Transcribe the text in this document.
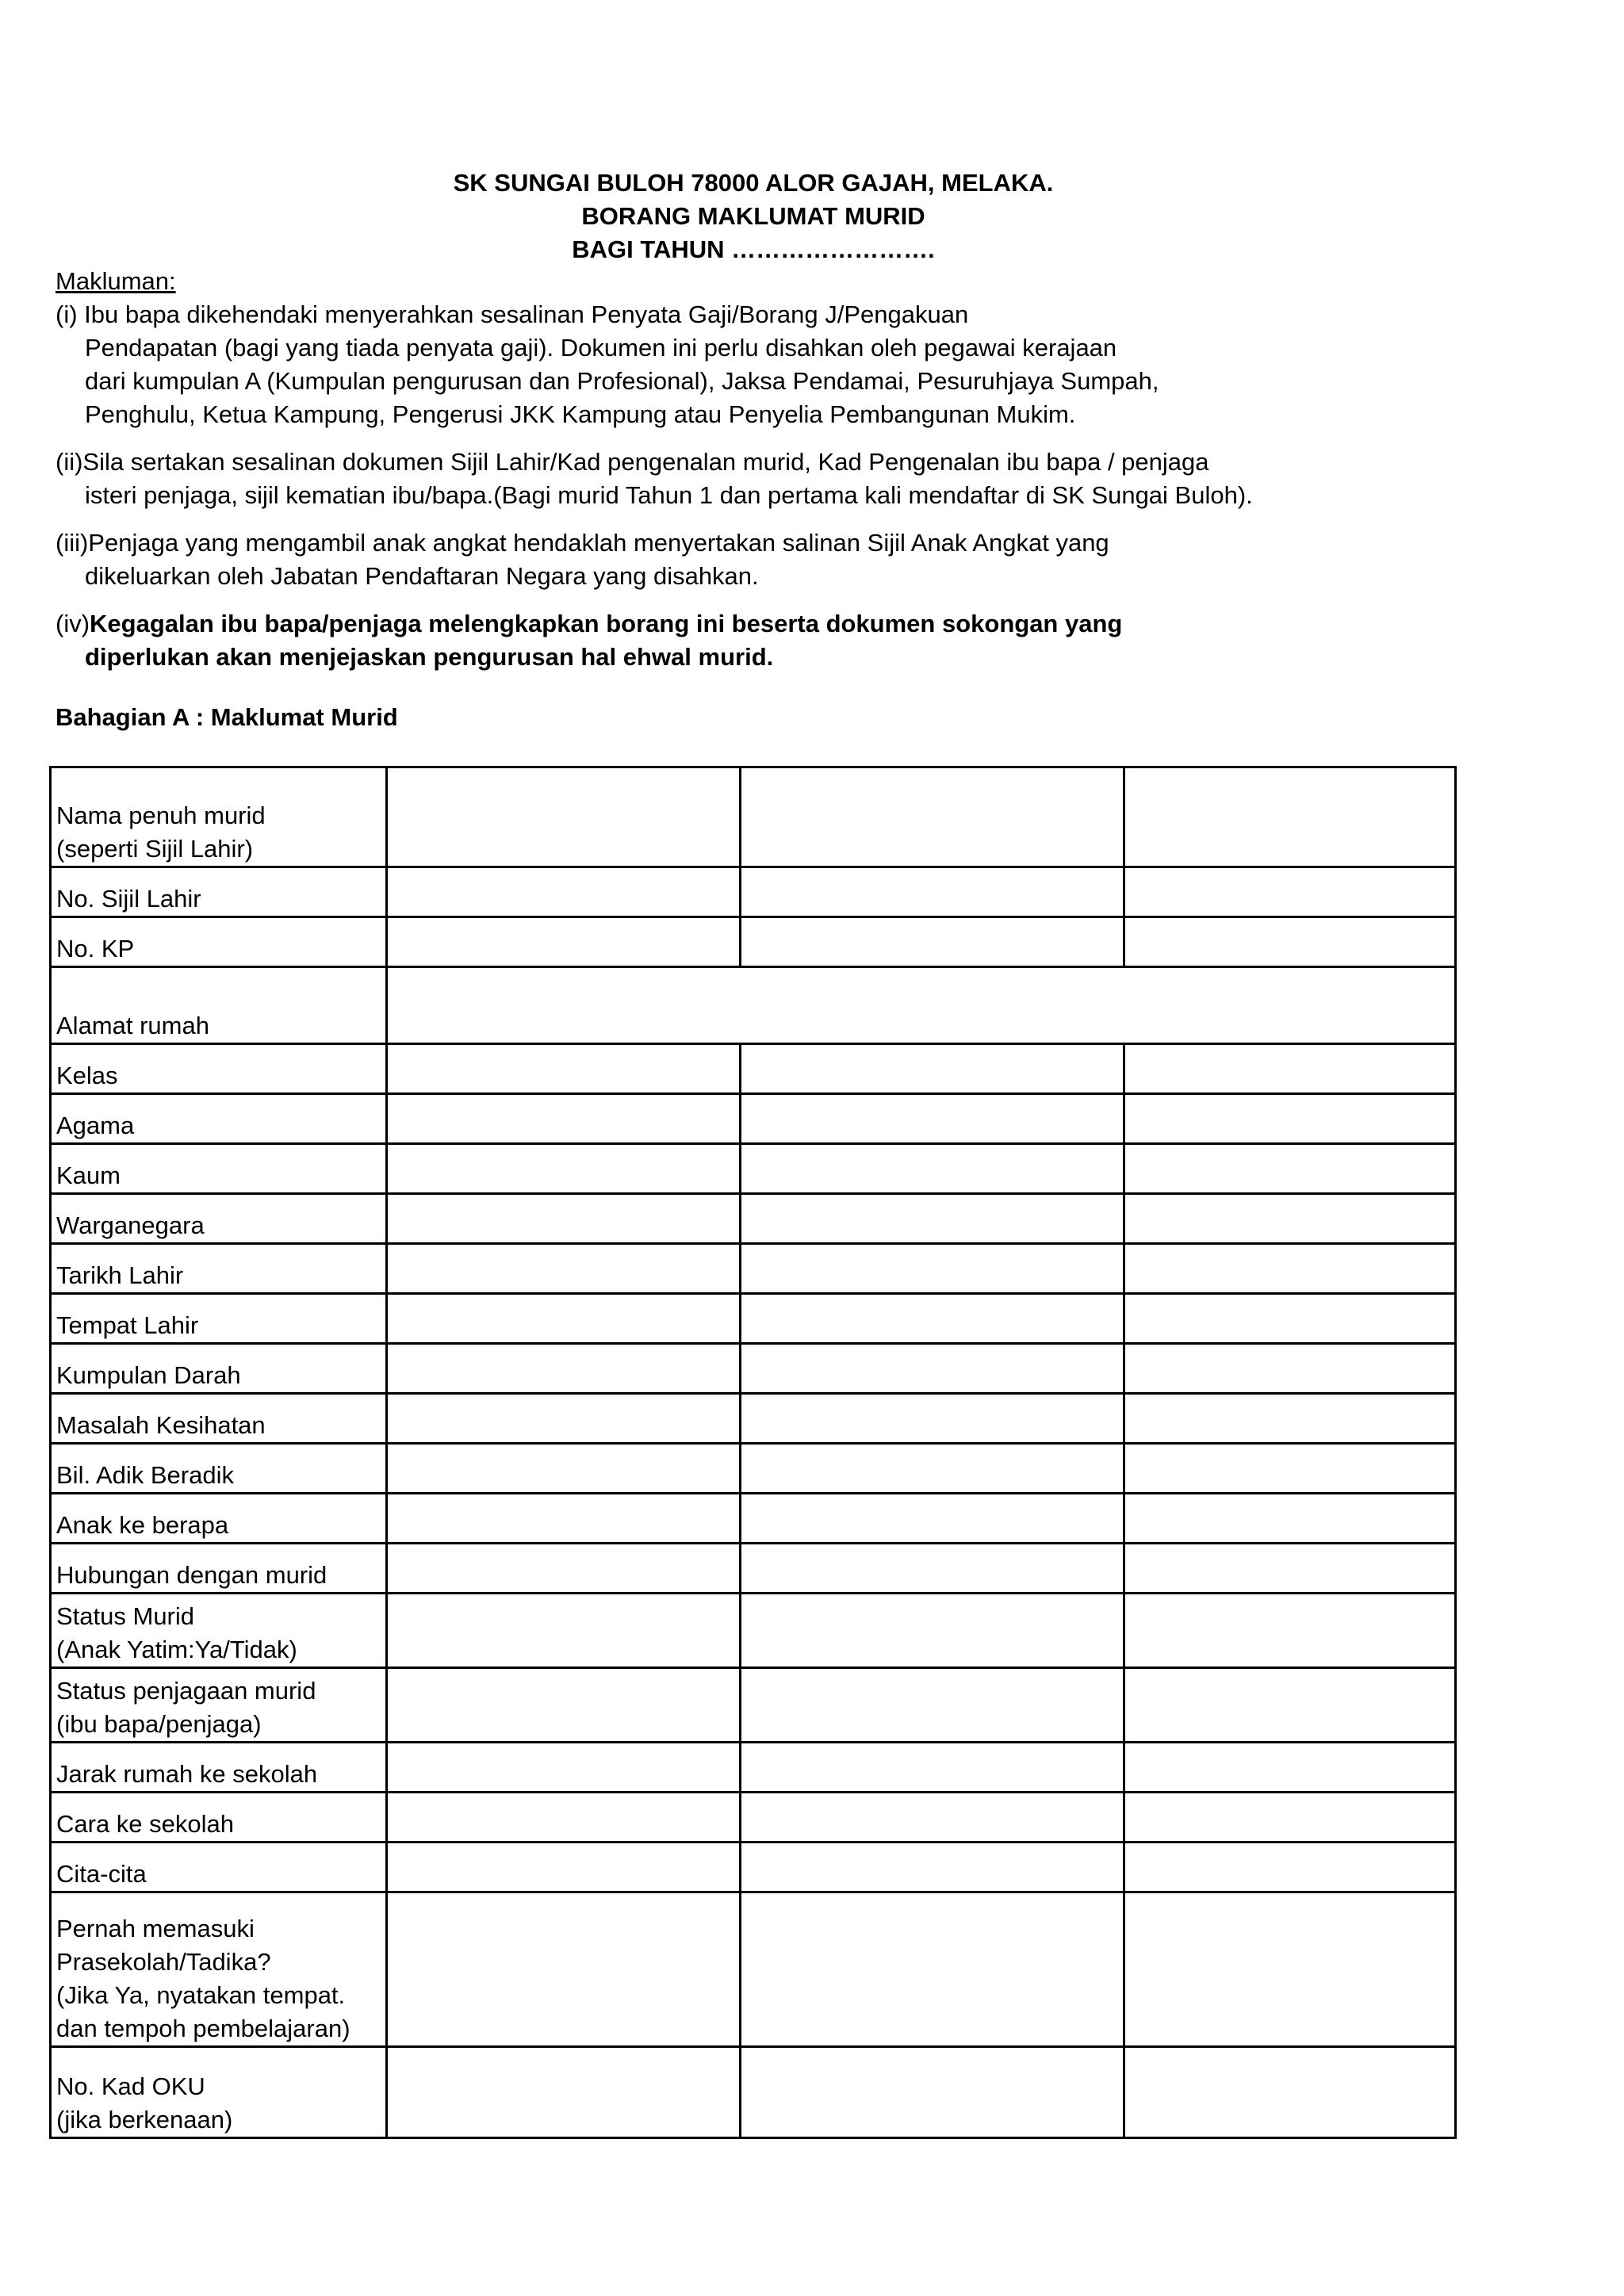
SK SUNGAI BULOH 78000 ALOR GAJAH, MELAKA.
BORANG MAKLUMAT MURID
BAGI TAHUN …………………….
Makluman:
(i) Ibu bapa dikehendaki menyerahkan sesalinan Penyata Gaji/Borang J/Pengakuan
Pendapatan (bagi yang tiada penyata gaji). Dokumen ini perlu disahkan oleh pegawai kerajaan
dari kumpulan A (Kumpulan pengurusan dan Profesional), Jaksa Pendamai, Pesuruhjaya Sumpah,
Penghulu, Ketua Kampung, Pengerusi JKK Kampung atau Penyelia Pembangunan Mukim.
(ii)Sila sertakan sesalinan dokumen Sijil Lahir/Kad pengenalan murid, Kad Pengenalan ibu bapa / penjaga
isteri penjaga, sijil kematian ibu/bapa.(Bagi murid Tahun 1 dan pertama kali mendaftar di SK Sungai Buloh).
(iii)Penjaga yang mengambil anak angkat hendaklah menyertakan salinan Sijil Anak Angkat yang
dikeluarkan oleh Jabatan Pendaftaran Negara yang disahkan.
(iv)Kegagalan ibu bapa/penjaga melengkapkan borang ini beserta dokumen sokongan yang
diperlukan akan menjejaskan pengurusan hal ehwal murid.
Bahagian A : Maklumat Murid
Nama penuh murid
(seperti Sijil Lahir)			

No. Sijil Lahir			

No. KP			

Alamat rumah			

Kelas			

Agama			

Kaum			

Warganegara			

Tarikh Lahir			

Tempat Lahir			

Kumpulan Darah			

Masalah Kesihatan			

Bil. Adik Beradik			

Anak ke berapa			

Hubungan dengan murid			

Status Murid
(Anak Yatim:Ya/Tidak)			

Status penjagaan murid
(ibu bapa/penjaga)			

Jarak rumah ke sekolah			

Cara ke sekolah			

Cita-cita			

Pernah memasuki
Prasekolah/Tadika?
(Jika Ya, nyatakan tempat.
dan tempoh pembelajaran)			

No. Kad OKU
(jika berkenaan)			
